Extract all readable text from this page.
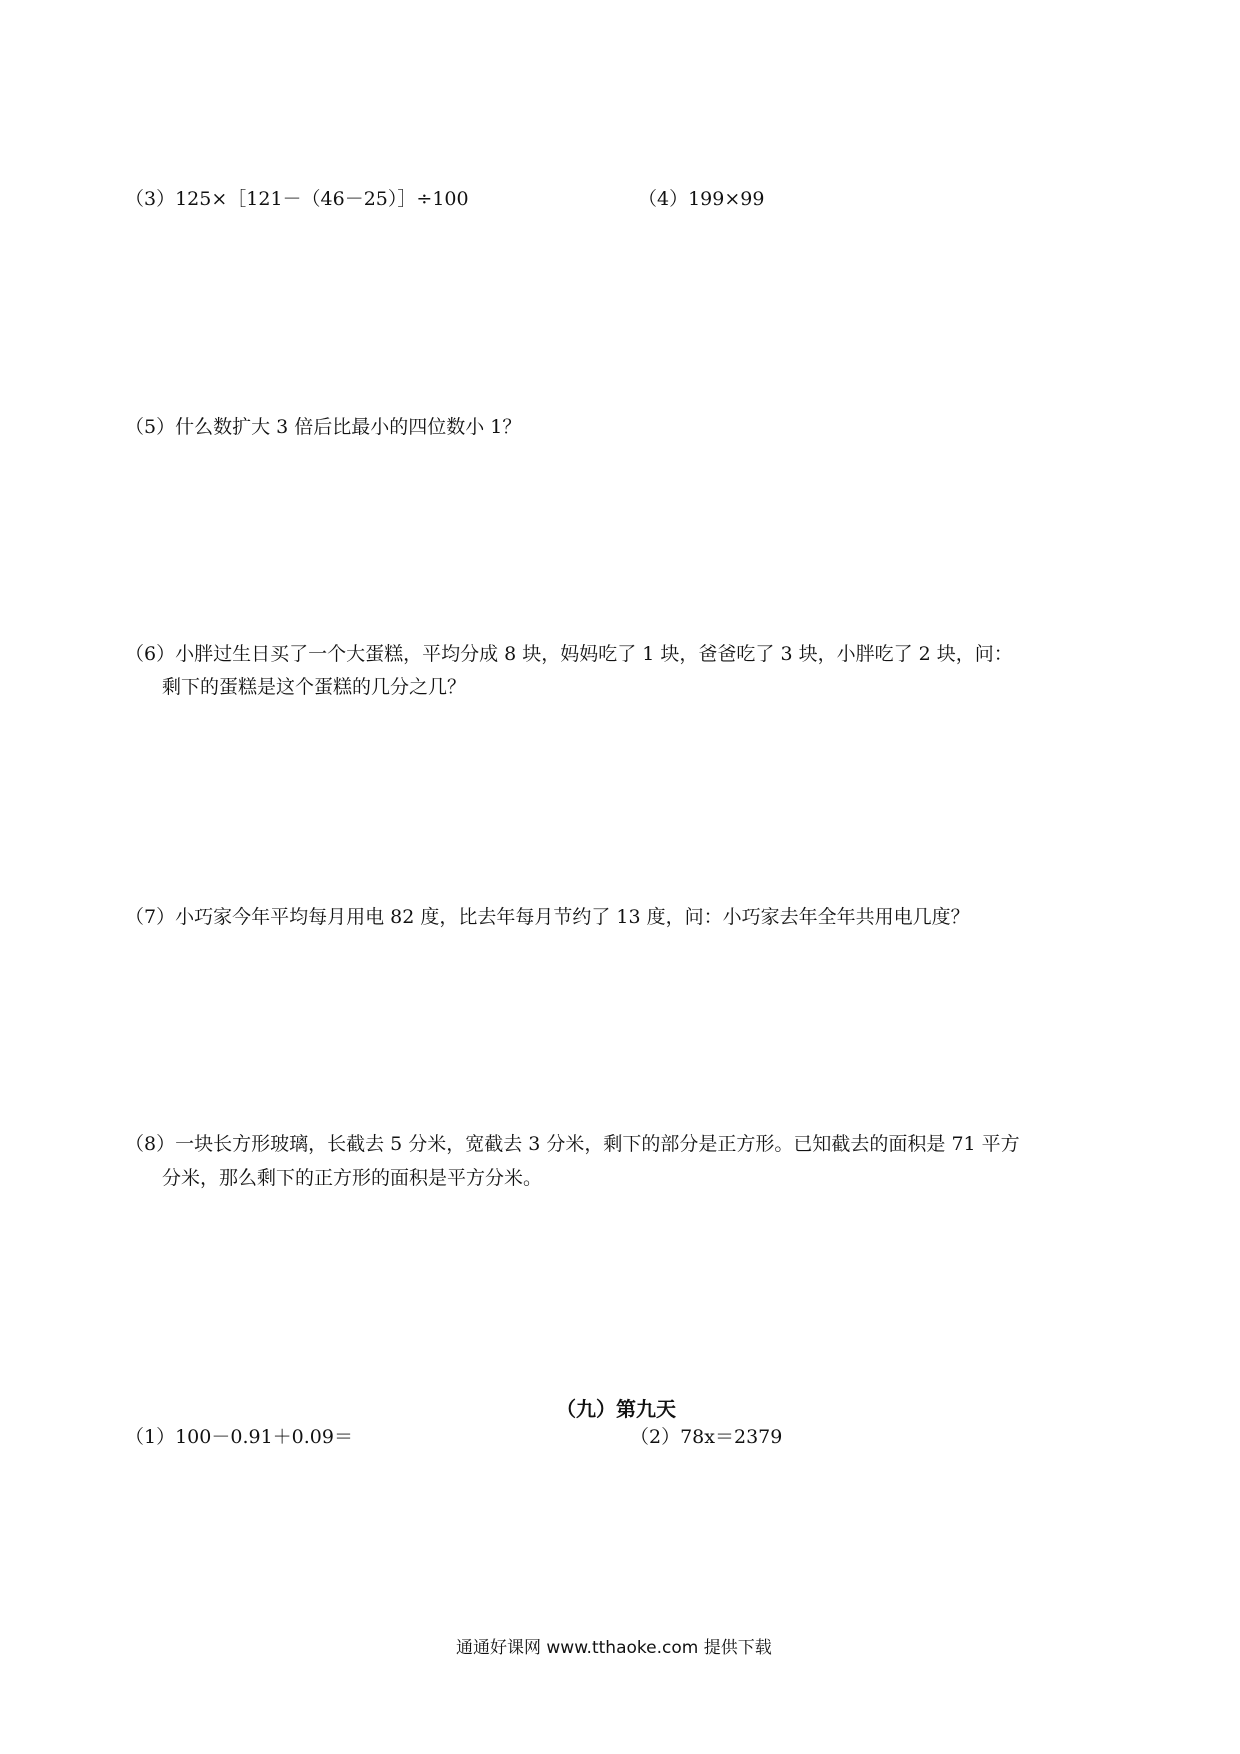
（3）125×［121－（46－25）］÷100	（4）199×99
（5）什么数扩大 3 倍后比最小的四位数小 1？
（6）小胖过生日买了一个大蛋糕，平均分成 8 块，妈妈吃了 1 块，爸爸吃了 3 块，小胖吃了 2 块，问：
剩下的蛋糕是这个蛋糕的几分之几？
（7）小巧家今年平均每月用电 82 度，比去年每月节约了 13 度，问：小巧家去年全年共用电几度？
（8）一块长方形玻璃，长截去 5 分米，宽截去 3 分米，剩下的部分是正方形。已知截去的面积是 71 平方
分米，那么剩下的正方形的面积是平方分米。
（九）第九天
（1）100－0.91＋0.09＝	（2）78x＝2379
通通好课网 www.tthaoke.com 提供下载
